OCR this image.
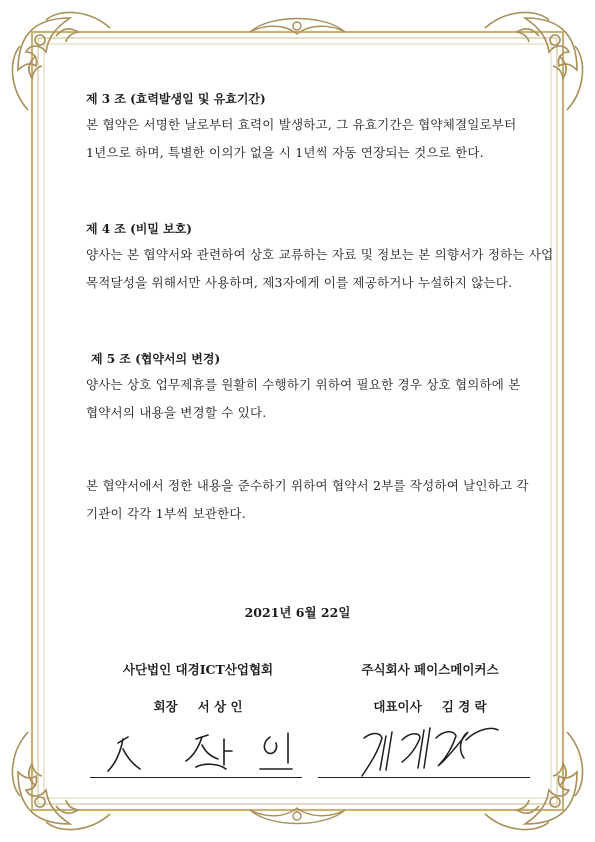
제 3 조 (효력발생일 및 유효기간)

본 협약은 서명한 날로부터 효력이 발생하고, 그 유효기간은 협약체결일로부터 1년으로 하며, 특별한 이의가 없을 시 1년씩 자동 연장되는 것으로 한다.

제 4 조 (비밀 보호)

양사는 본 협약서와 관련하여 상호 교류하는 자료 및 정보는 본 의향서가 정하는 사업 목적달성을 위해서만 사용하며, 제3자에게 이를 제공하거나 누설하지 않는다.

제 5 조 (협약서의 변경)

양사는 상호 업무제휴를 원활히 수행하기 위하여 필요한 경우 상호 협의하에 본 협약서의 내용을 변경할 수 있다.

본 협약서에서 정한 내용을 준수하기 위하여 협약서 2부를 작성하여 날인하고 각 기관이 각각 1부씩 보관한다.

2021년 6월 22일
사단법인 대경ICT산업협회	주식회사 페이스메이커스
회장 서 상 인	대표이사 김 경 락
